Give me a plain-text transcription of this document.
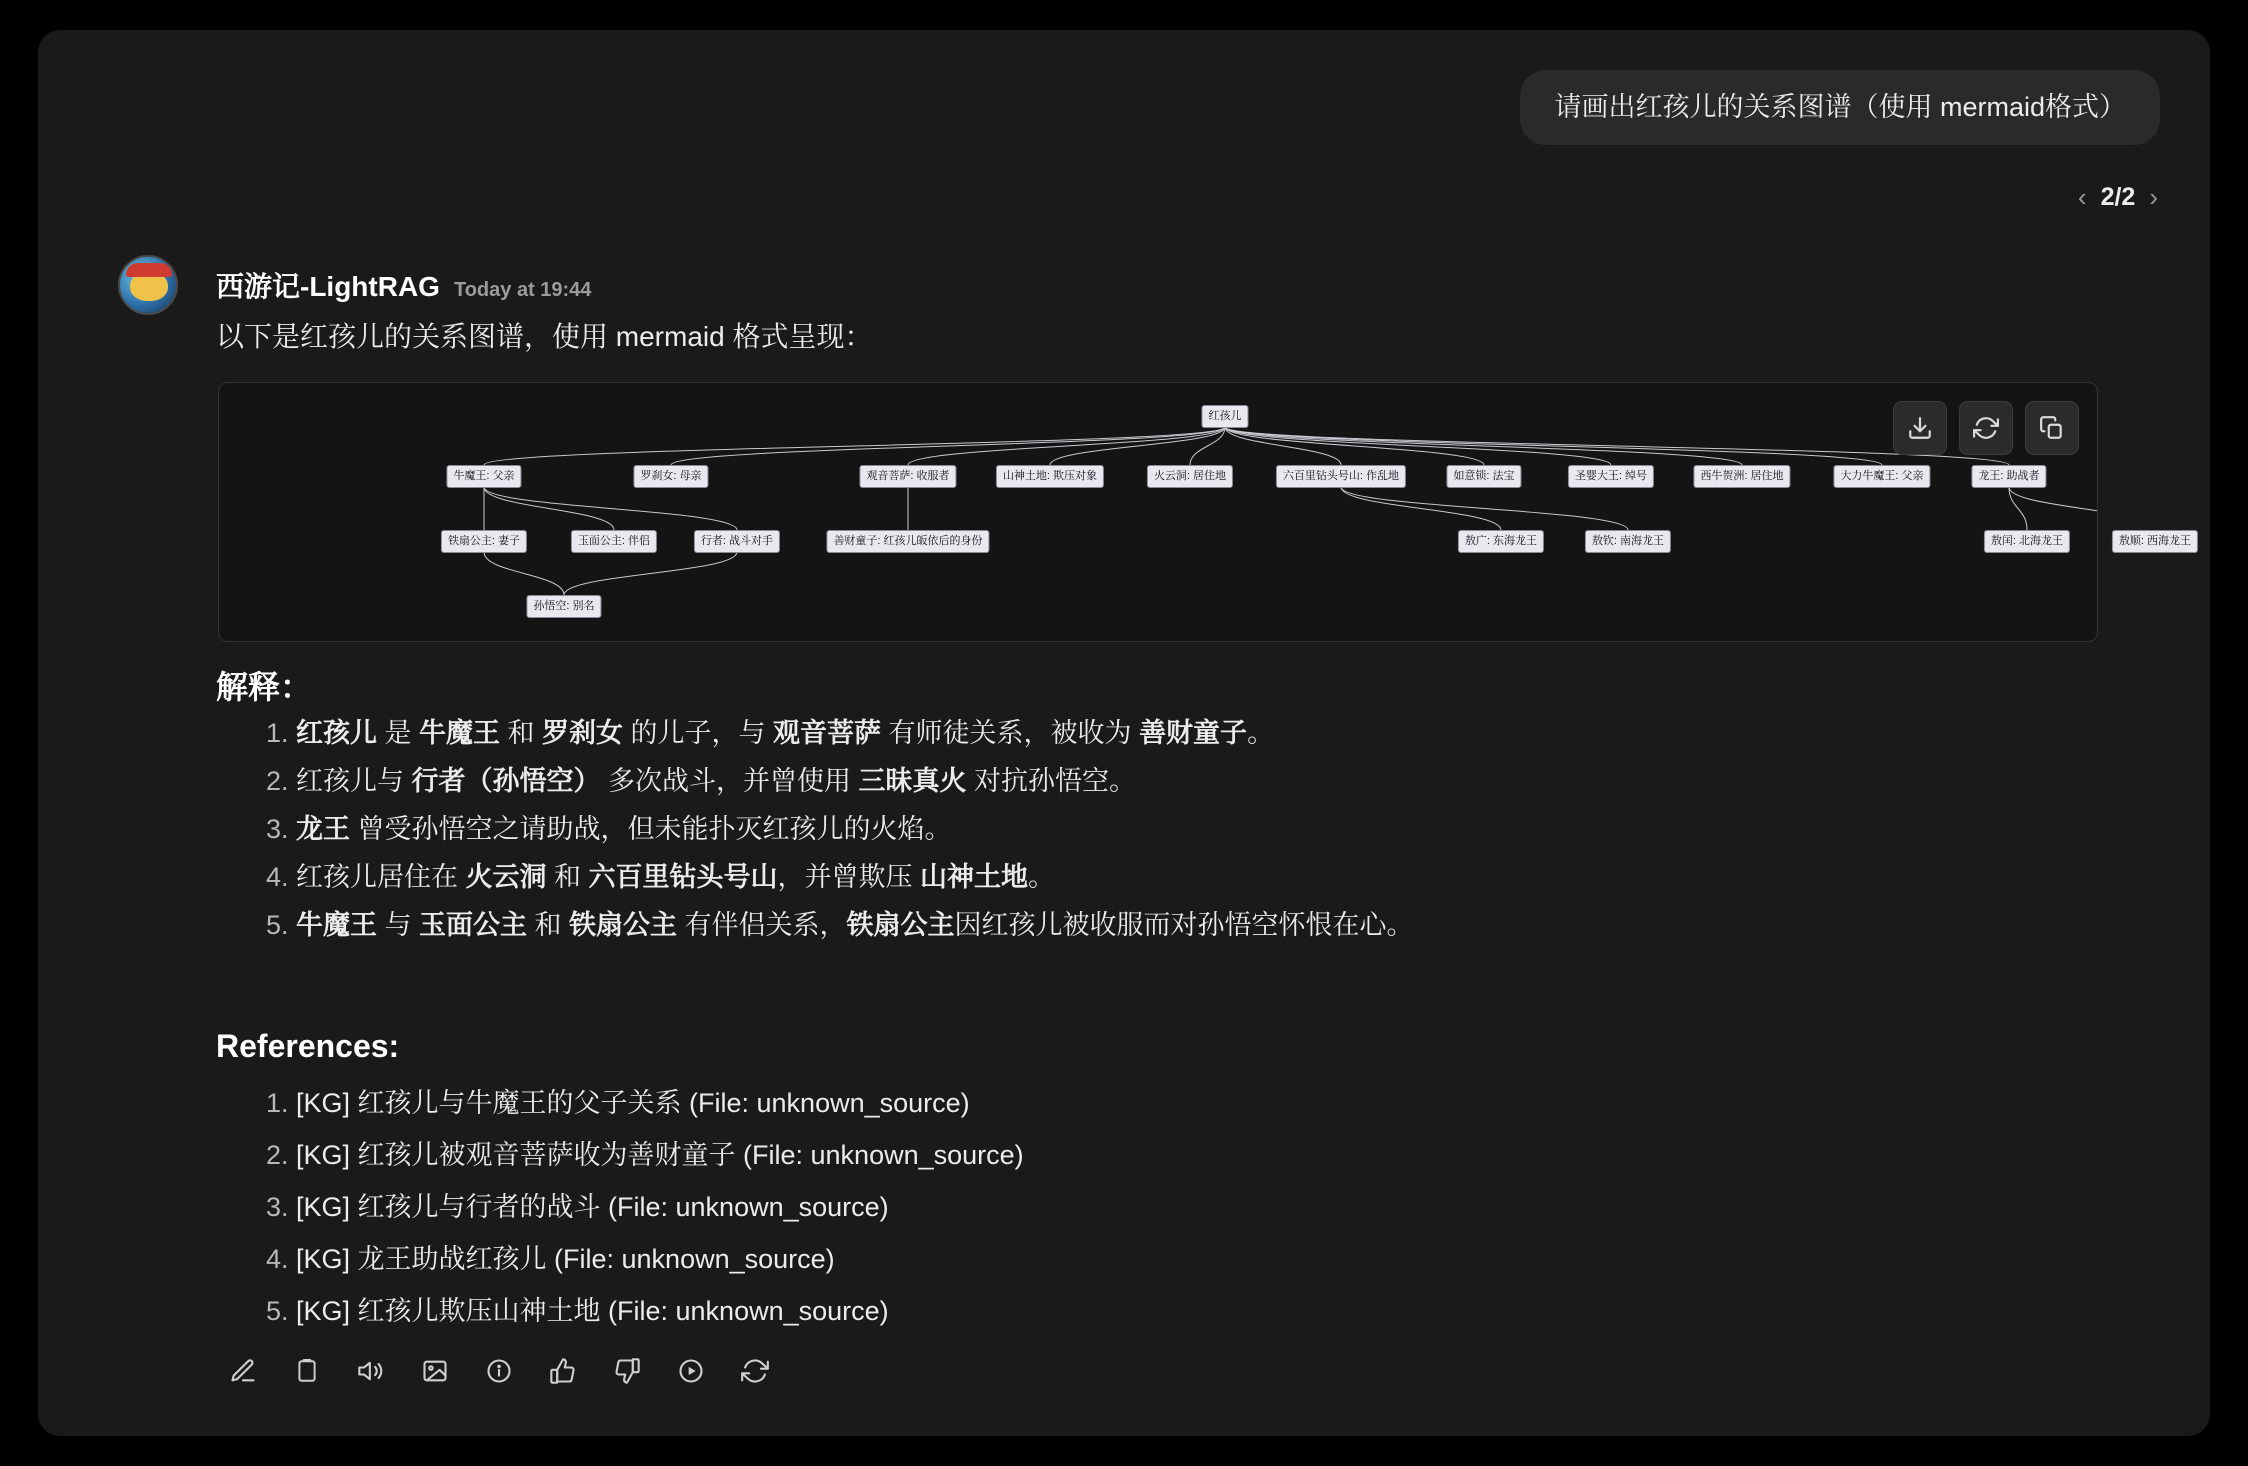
请画出红孩儿的关系图谱（使用 mermaid格式）
‹ 2/2 ›
西游记-LightRAG Today at 19:44
以下是红孩儿的关系图谱，使用 mermaid 格式呈现：
红孩儿
牛魔王: 父亲	罗刹女: 母亲	观音菩萨: 收服者	山神土地: 欺压对象	火云洞: 居住地	六百里钻头号山: 作乱地	如意锁: 法宝	圣婴大王: 绰号	西牛贺洲: 居住地	大力牛魔王: 父亲	龙王: 助战者
铁扇公主: 妻子	玉面公主: 伴侣	行者: 战斗对手	善财童子: 红孩儿皈依后的身份	敖广: 东海龙王	敖钦: 南海龙王	敖闰: 北海龙王	敖顺: 西海龙王
孙悟空: 别名
解释：
1. 红孩儿 是 牛魔王 和 罗刹女 的儿子，与 观音菩萨 有师徒关系，被收为 善财童子。
2. 红孩儿与 行者（孙悟空） 多次战斗，并曾使用 三昧真火 对抗孙悟空。
3. 龙王 曾受孙悟空之请助战，但未能扑灭红孩儿的火焰。
4. 红孩儿居住在 火云洞 和 六百里钻头号山，并曾欺压 山神土地。
5. 牛魔王 与 玉面公主 和 铁扇公主 有伴侣关系，铁扇公主因红孩儿被收服而对孙悟空怀恨在心。
References:
1. [KG] 红孩儿与牛魔王的父子关系 (File: unknown_source)
2. [KG] 红孩儿被观音菩萨收为善财童子 (File: unknown_source)
3. [KG] 红孩儿与行者的战斗 (File: unknown_source)
4. [KG] 龙王助战红孩儿 (File: unknown_source)
5. [KG] 红孩儿欺压山神土地 (File: unknown_source)
